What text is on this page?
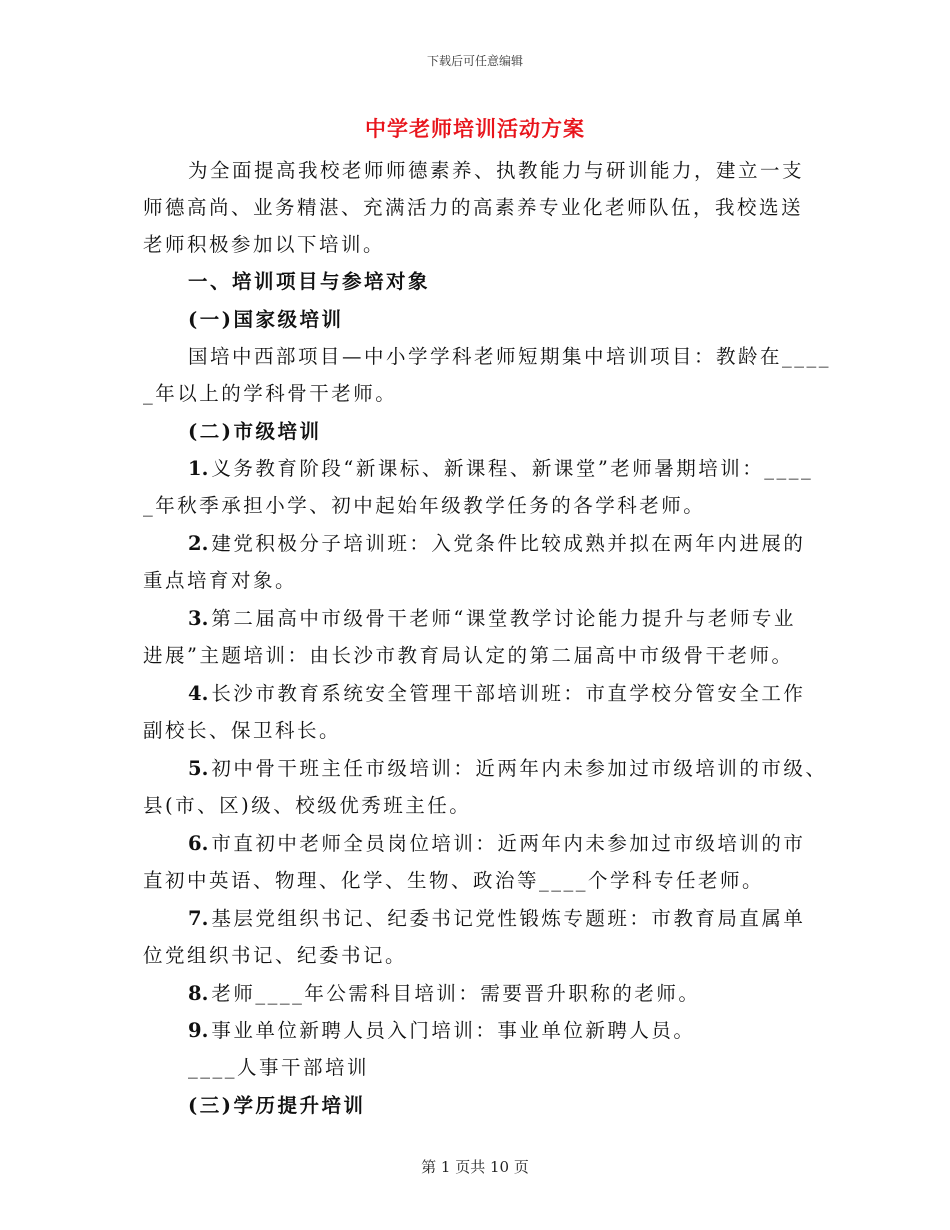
下载后可任意编辑
中学老师培训活动方案
为全面提高我校老师师德素养、执教能力与研训能力，建立一支
师德高尚、业务精湛、充满活力的高素养专业化老师队伍，我校选送
老师积极参加以下培训。
一、培训项目与参培对象
(一)国家级培训
国培中西部项目—中小学学科老师短期集中培训项目：教龄在____
_年以上的学科骨干老师。
(二)市级培训
1. 义务教育阶段“新课标、新课程、新课堂”老师暑期培训：____
_年秋季承担小学、初中起始年级教学任务的各学科老师。
2. 建党积极分子培训班：入党条件比较成熟并拟在两年内进展的
重点培育对象。
3. 第二届高中市级骨干老师“课堂教学讨论能力提升与老师专业
进展”主题培训：由长沙市教育局认定的第二届高中市级骨干老师。
4. 长沙市教育系统安全管理干部培训班：市直学校分管安全工作
副校长、保卫科长。
5. 初中骨干班主任市级培训：近两年内未参加过市级培训的市级、
县(市、区)级、校级优秀班主任。
6. 市直初中老师全员岗位培训：近两年内未参加过市级培训的市
直初中英语、物理、化学、生物、政治等____个学科专任老师。
7. 基层党组织书记、纪委书记党性锻炼专题班：市教育局直属单
位党组织书记、纪委书记。
8. 老师____年公需科目培训：需要晋升职称的老师。
9. 事业单位新聘人员入门培训：事业单位新聘人员。
____人事干部培训
(三)学历提升培训
第 1 页共 10 页
